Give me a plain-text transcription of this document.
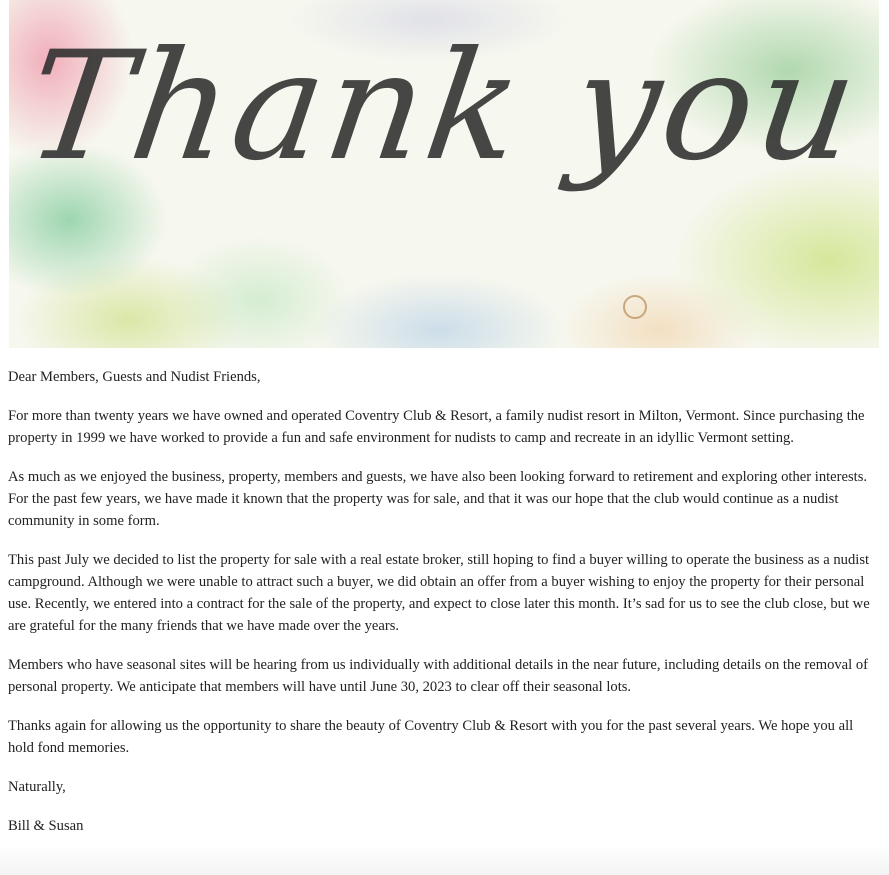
Thank you

Dear Members, Guests and Nudist Friends,

For more than twenty years we have owned and operated Coventry Club & Resort, a family nudist resort in Milton, Vermont. Since purchasing the property in 1999 we have worked to provide a fun and safe environment for nudists to camp and recreate in an idyllic Vermont setting.

As much as we enjoyed the business, property, members and guests, we have also been looking forward to retirement and exploring other interests. For the past few years, we have made it known that the property was for sale, and that it was our hope that the club would continue as a nudist community in some form.

This past July we decided to list the property for sale with a real estate broker, still hoping to find a buyer willing to operate the business as a nudist campground. Although we were unable to attract such a buyer, we did obtain an offer from a buyer wishing to enjoy the property for their personal use. Recently, we entered into a contract for the sale of the property, and expect to close later this month. It’s sad for us to see the club close, but we are grateful for the many friends that we have made over the years.

Members who have seasonal sites will be hearing from us individually with additional details in the near future, including details on the removal of personal property. We anticipate that members will have until June 30, 2023 to clear off their seasonal lots.

Thanks again for allowing us the opportunity to share the beauty of Coventry Club & Resort with you for the past several years. We hope you all hold fond memories.

Naturally,

Bill & Susan
